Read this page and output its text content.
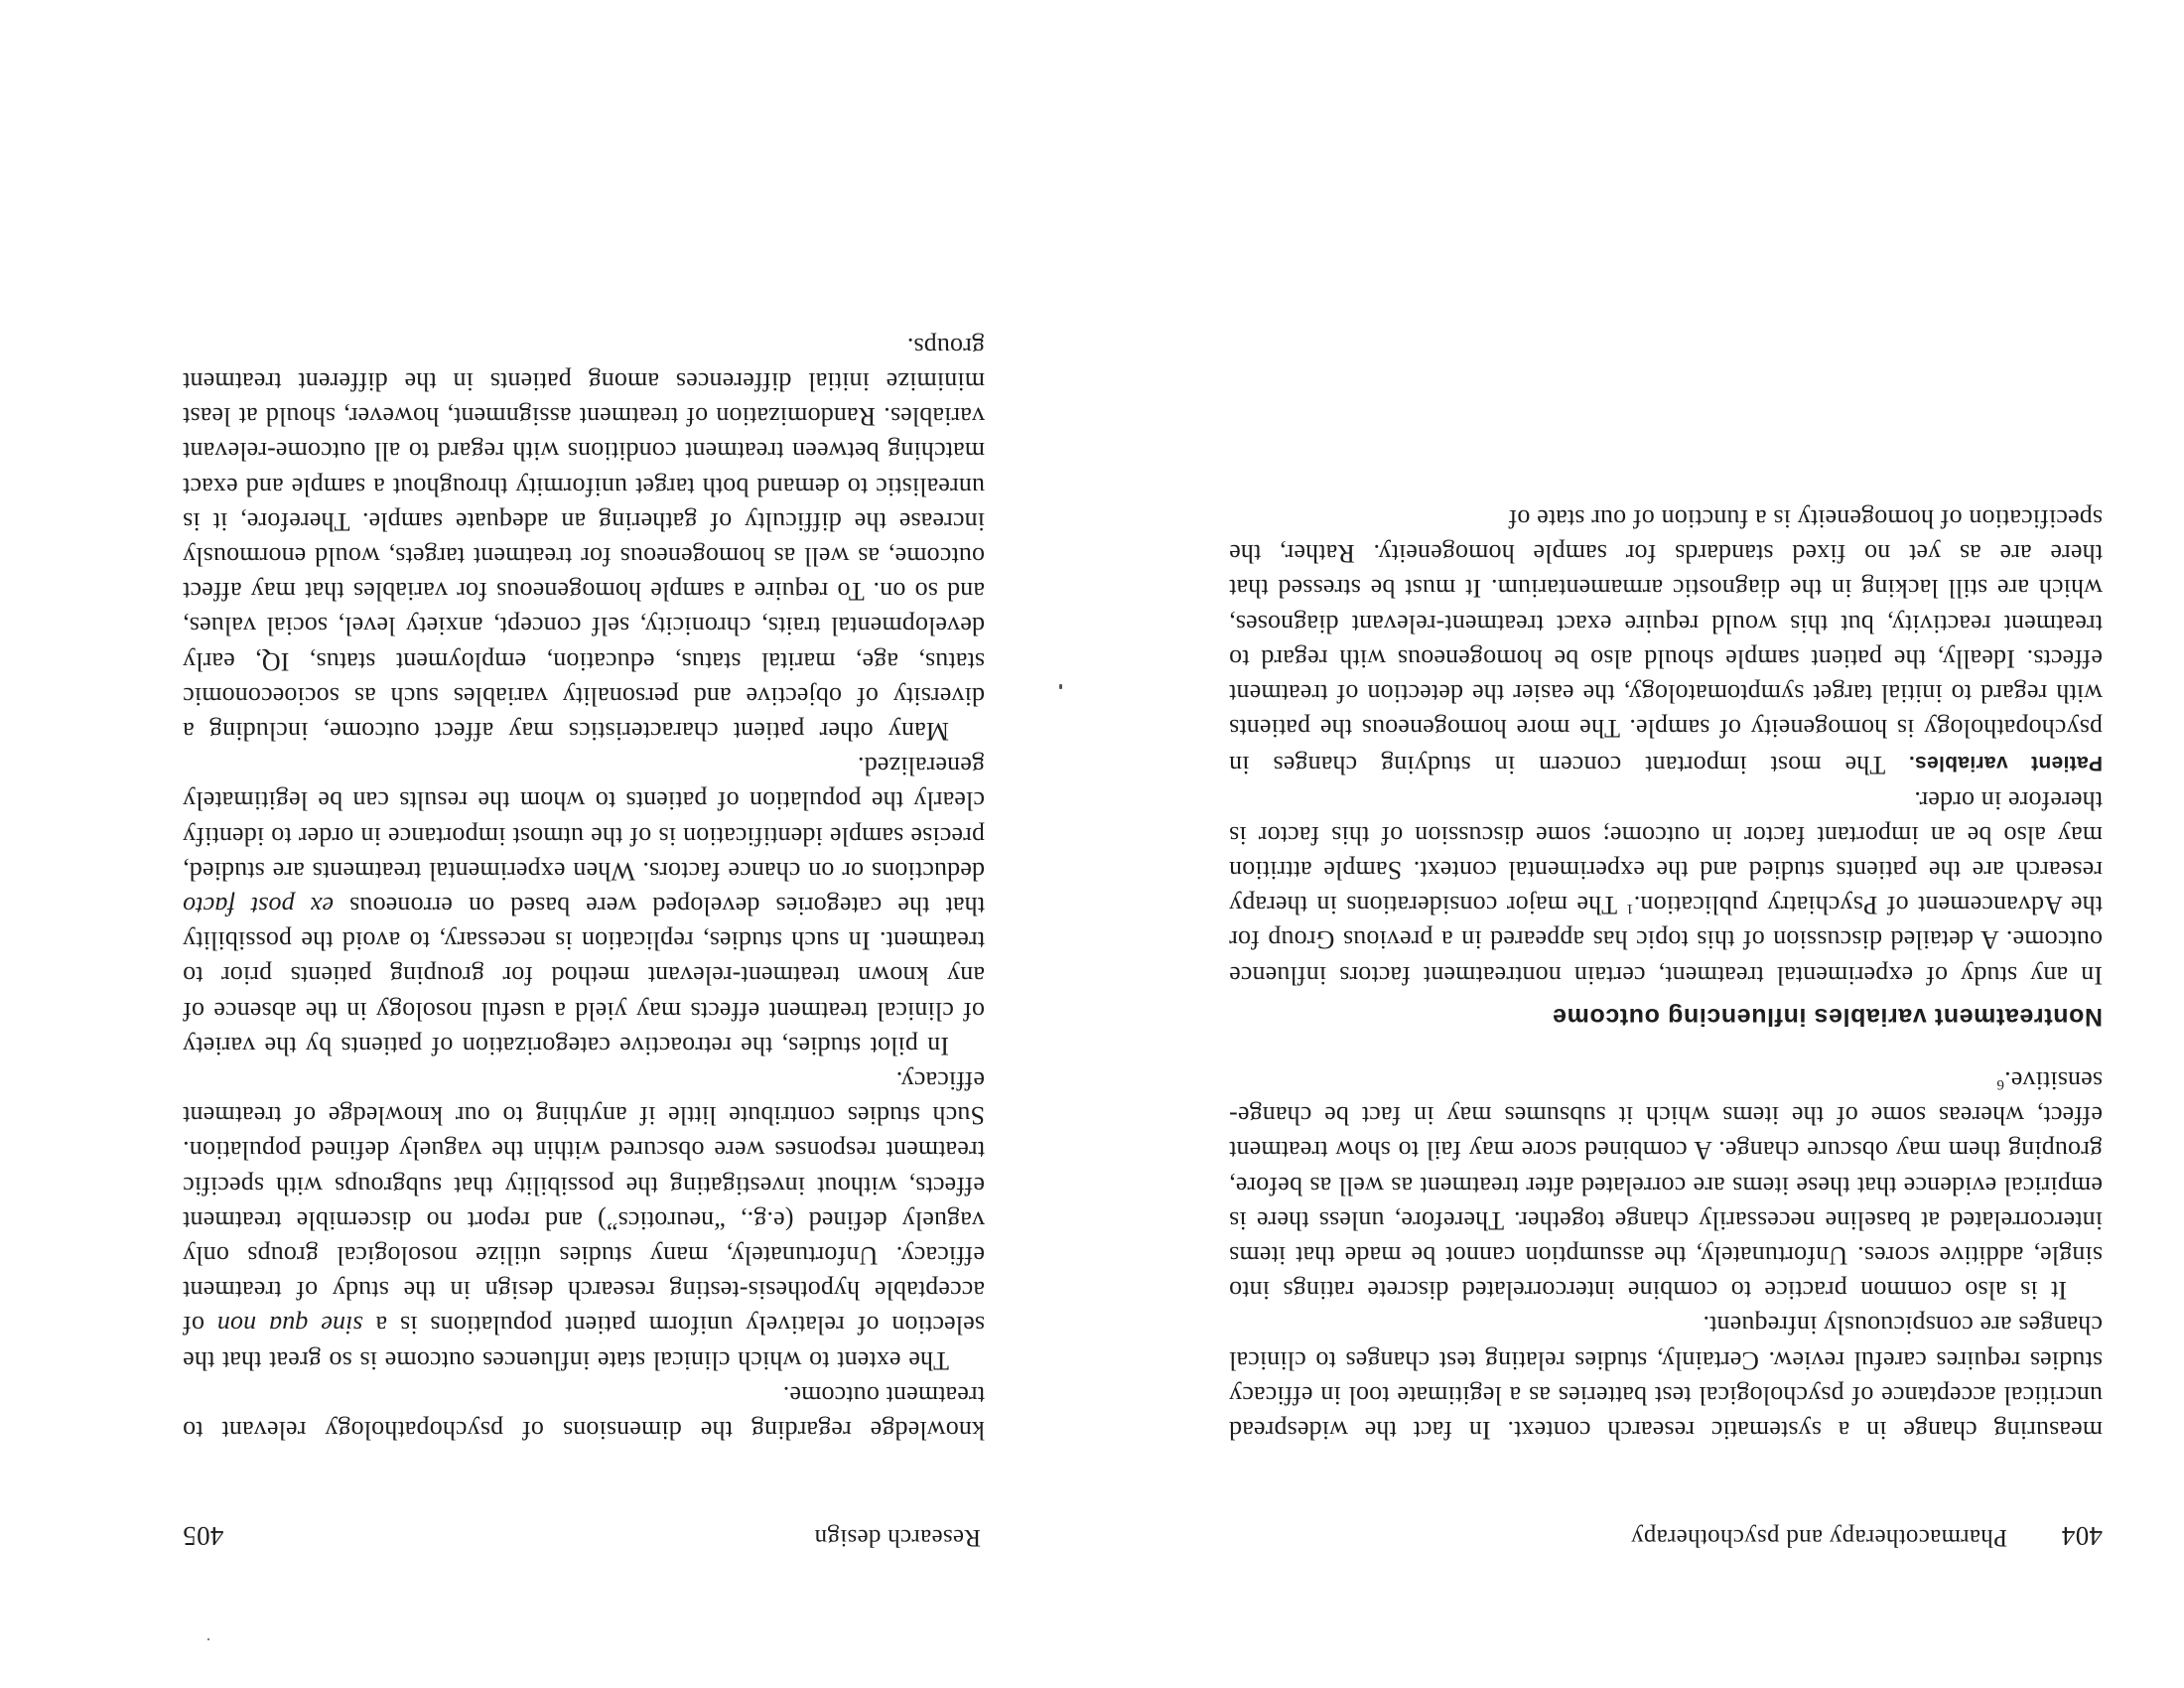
404
Pharmacotherapy and psychotherapy

measuring change in a systematic research context. In fact the widespread uncritical acceptance of psychological test batteries as a legitimate tool in efficacy studies requires careful review. Certainly, studies relating test changes to clinical changes are conspicuously infrequent.

It is also common practice to combine intercorrelated discrete ratings into single, additive scores. Unfortunately, the assumption cannot be made that items intercorrelated at baseline necessarily change together. Therefore, unless there is empirical evidence that these items are correlated after treatment as well as before, grouping them may obscure change. A combined score may fail to show treatment effect, whereas some of the items which it subsumes may in fact be change-sensitive.$^6$

Nontreatment variables influencing outcome

In any study of experimental treatment, certain nontreatment factors influence outcome. A detailed discussion of this topic has appeared in a previous Group for the Advancement of Psychiatry publication.$^1$ The major considerations in therapy research are the patients studied and the experimental context. Sample attrition may also be an important factor in outcome; some discussion of this factor is therefore in order.

Patient variables. The most important concern in studying changes in psychopathology is homogeneity of sample. The more homogeneous the patients with regard to initial target symptomatology, the easier the detection of treatment effects. Ideally, the patient sample should also be homogeneous with regard to treatment reactivity, but this would require exact treatment-relevant diagnoses, which are still lacking in the diagnostic armamentarium. It must be stressed that there are as yet no fixed standards for sample homogeneity. Rather, the specification of homogeneity is a function of our state of

Research design
405

knowledge regarding the dimensions of psychopathology relevant to treatment outcome.

The extent to which clinical state influences outcome is so great that the selection of relatively uniform patient populations is a sine qua non of acceptable hypothesis-testing research design in the study of treatment efficacy. Unfortunately, many studies utilize nosological groups only vaguely defined (e.g., “neurotics”) and report no discernible treatment effects, without investigating the possibility that subgroups with specific treatment responses were obscured within the vaguely defined population. Such studies contribute little if anything to our knowledge of treatment efficacy.

In pilot studies, the retroactive categorization of patients by the variety of clinical treatment effects may yield a useful nosology in the absence of any known treatment-relevant method for grouping patients prior to treatment. In such studies, replication is necessary, to avoid the possibility that the categories developed were based on erroneous ex post facto deductions or on chance factors. When experimental treatments are studied, precise sample identification is of the utmost importance in order to identify clearly the population of patients to whom the results can be legitimately generalized.

Many other patient characteristics may affect outcome, including a diversity of objective and personality variables such as socioeconomic status, age, marital status, education, employment status, IQ, early developmental traits, chronicity, self concept, anxiety level, social values, and so on. To require a sample homogeneous for variables that may affect outcome, as well as homogeneous for treatment targets, would enormously increase the difficulty of gathering an adequate sample. Therefore, it is unrealistic to demand both target uniformity throughout a sample and exact matching between treatment conditions with regard to all outcome-relevant variables. Randomization of treatment assignment, however, should at least minimize initial differences among patients in the different treatment groups.
